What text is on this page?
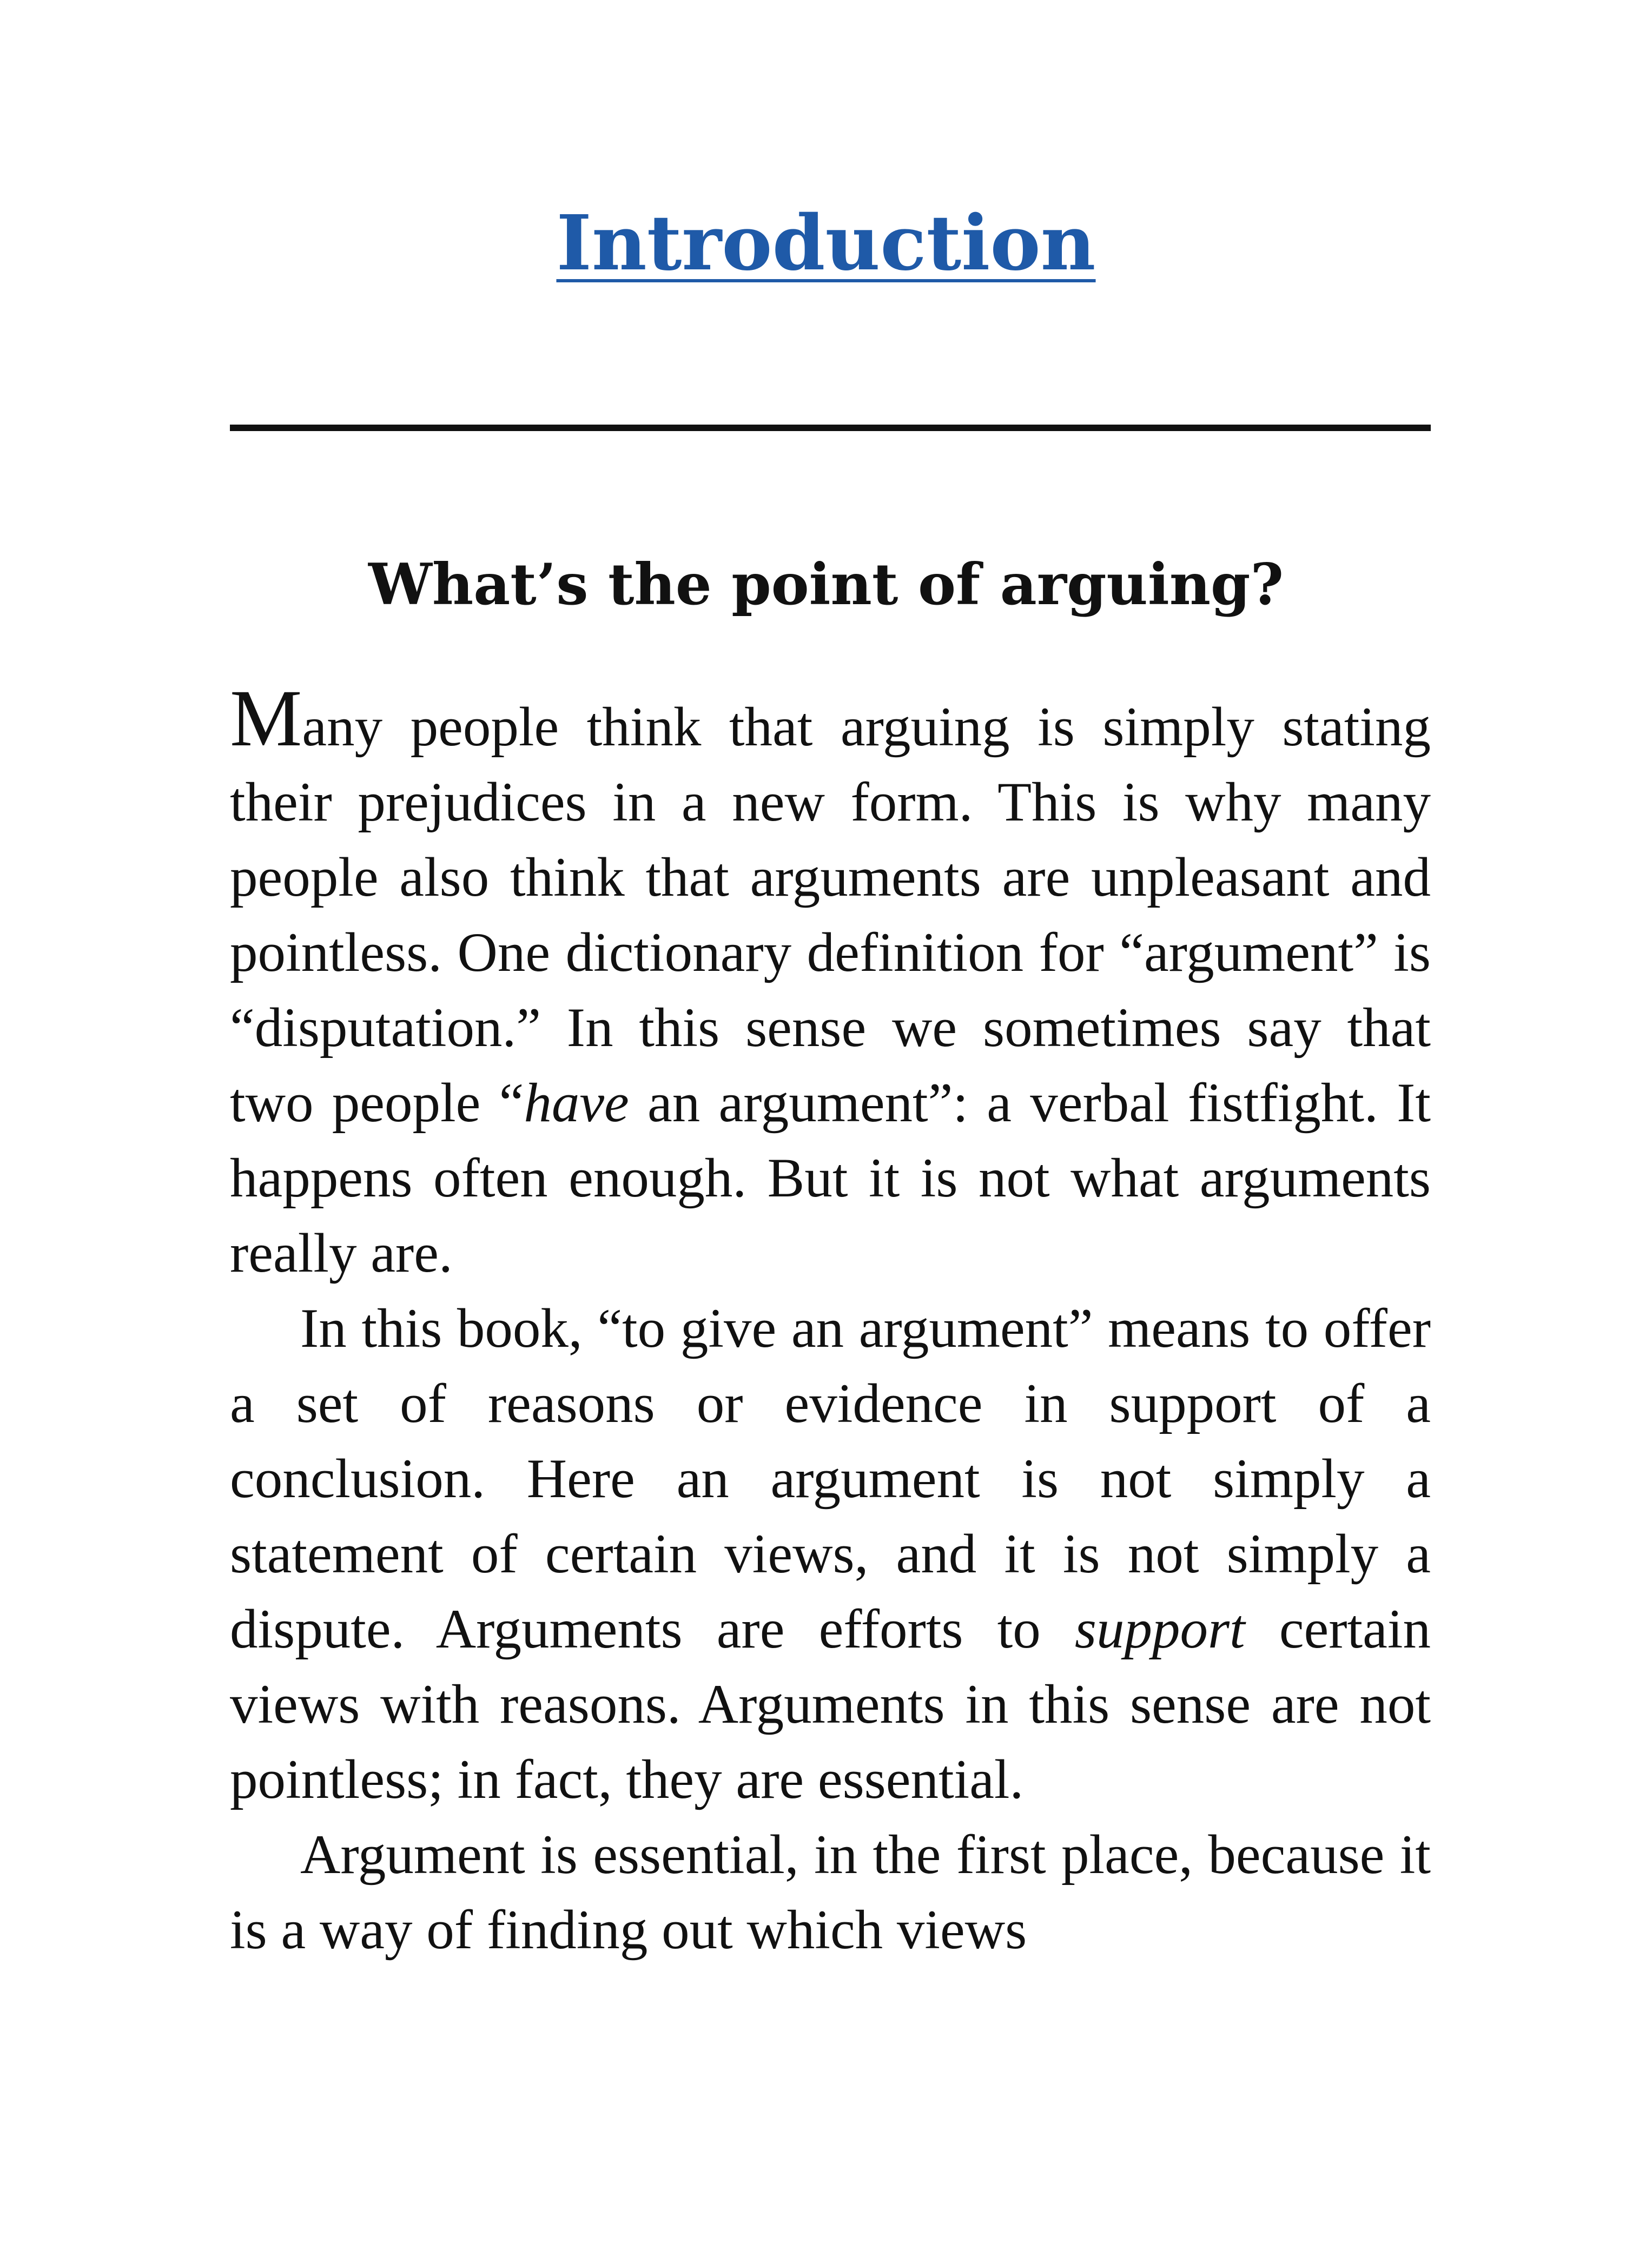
Introduction
What’s the point of arguing?

Many people think that arguing is simply stating their prejudices in a new form. This is why many people also think that arguments are unpleasant and pointless. One dictionary definition for “argument” is “disputation.” In this sense we sometimes say that two people “have an argument”: a verbal fistfight. It happens often enough. But it is not what arguments really are.

In this book, “to give an argument” means to offer a set of reasons or evidence in support of a conclusion. Here an argument is not simply a statement of certain views, and it is not simply a dispute. Arguments are efforts to support certain views with reasons. Arguments in this sense are not pointless; in fact, they are essential.

Argument is essential, in the first place, because it is a way of finding out which views
